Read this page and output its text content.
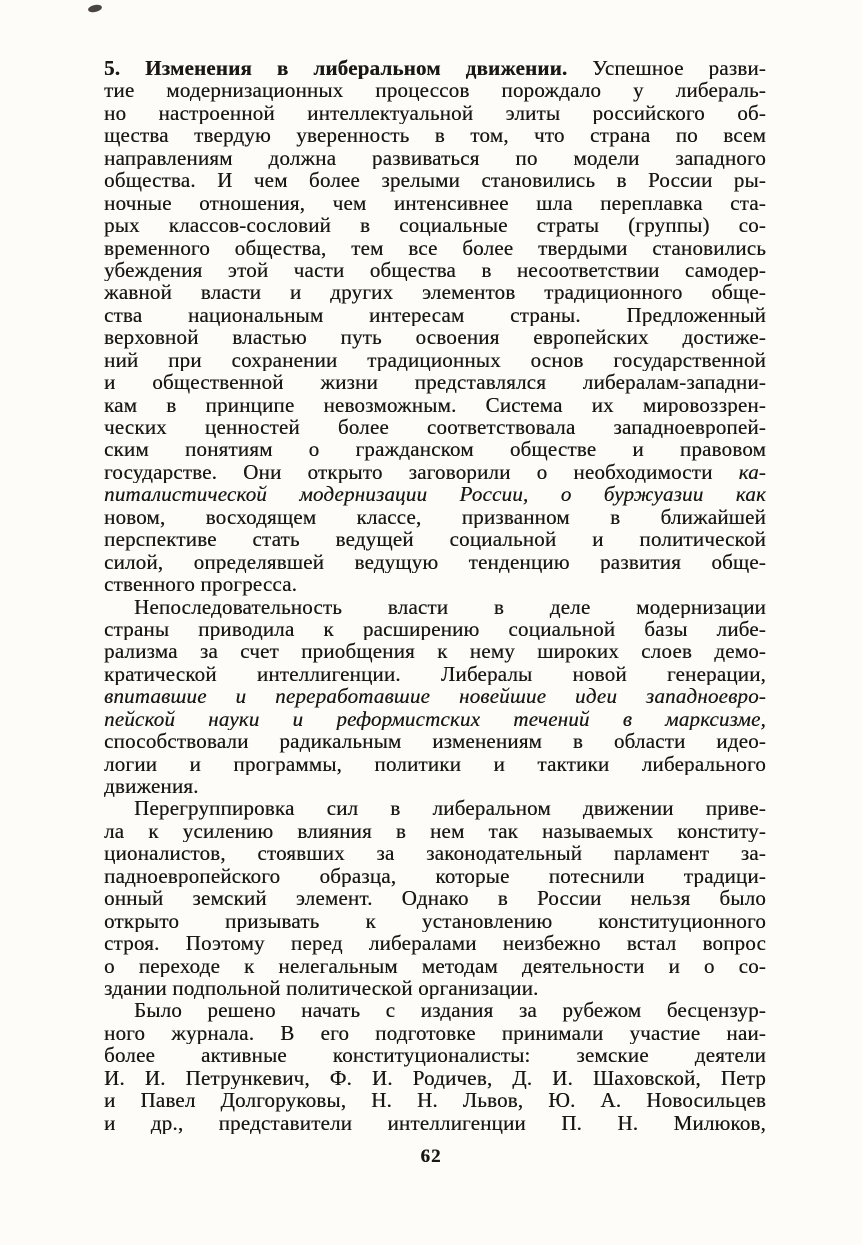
5. Изменения в либеральном движении. Успешное разви-
тие модернизационных процессов порождало у либераль-
но настроенной интеллектуальной элиты российского об-
щества твердую уверенность в том, что страна по всем
направлениям должна развиваться по модели западного
общества. И чем более зрелыми становились в России ры-
ночные отношения, чем интенсивнее шла переплавка ста-
рых классов-сословий в социальные страты (группы) со-
временного общества, тем все более твердыми становились
убеждения этой части общества в несоответствии самодер-
жавной власти и других элементов традиционного обще-
ства национальным интересам страны. Предложенный
верховной властью путь освоения европейских достиже-
ний при сохранении традиционных основ государственной
и общественной жизни представлялся либералам-западни-
кам в принципе невозможным. Система их мировоззрен-
ческих ценностей более соответствовала западноевропей-
ским понятиям о гражданском обществе и правовом
государстве. Они открыто заговорили о необходимости ка-
питалистической модернизации России, о буржуазии как
новом, восходящем классе, призванном в ближайшей
перспективе стать ведущей социальной и политической
силой, определявшей ведущую тенденцию развития обще-
ственного прогресса.
Непоследовательность власти в деле модернизации
страны приводила к расширению социальной базы либе-
рализма за счет приобщения к нему широких слоев демо-
кратической интеллигенции. Либералы новой генерации,
впитавшие и переработавшие новейшие идеи западноевро-
пейской науки и реформистских течений в марксизме,
способствовали радикальным изменениям в области идео-
логии и программы, политики и тактики либерального
движения.
Перегруппировка сил в либеральном движении приве-
ла к усилению влияния в нем так называемых конститу-
ционалистов, стоявших за законодательный парламент за-
падноевропейского образца, которые потеснили традици-
онный земский элемент. Однако в России нельзя было
открыто призывать к установлению конституционного
строя. Поэтому перед либералами неизбежно встал вопрос
о переходе к нелегальным методам деятельности и о со-
здании подпольной политической организации.
Было решено начать с издания за рубежом бесцензур-
ного журнала. В его подготовке принимали участие наи-
более активные конституционалисты: земские деятели
И. И. Петрункевич, Ф. И. Родичев, Д. И. Шаховской, Петр
и Павел Долгоруковы, Н. Н. Львов, Ю. А. Новосильцев
и др., представители интеллигенции П. Н. Милюков,
62
